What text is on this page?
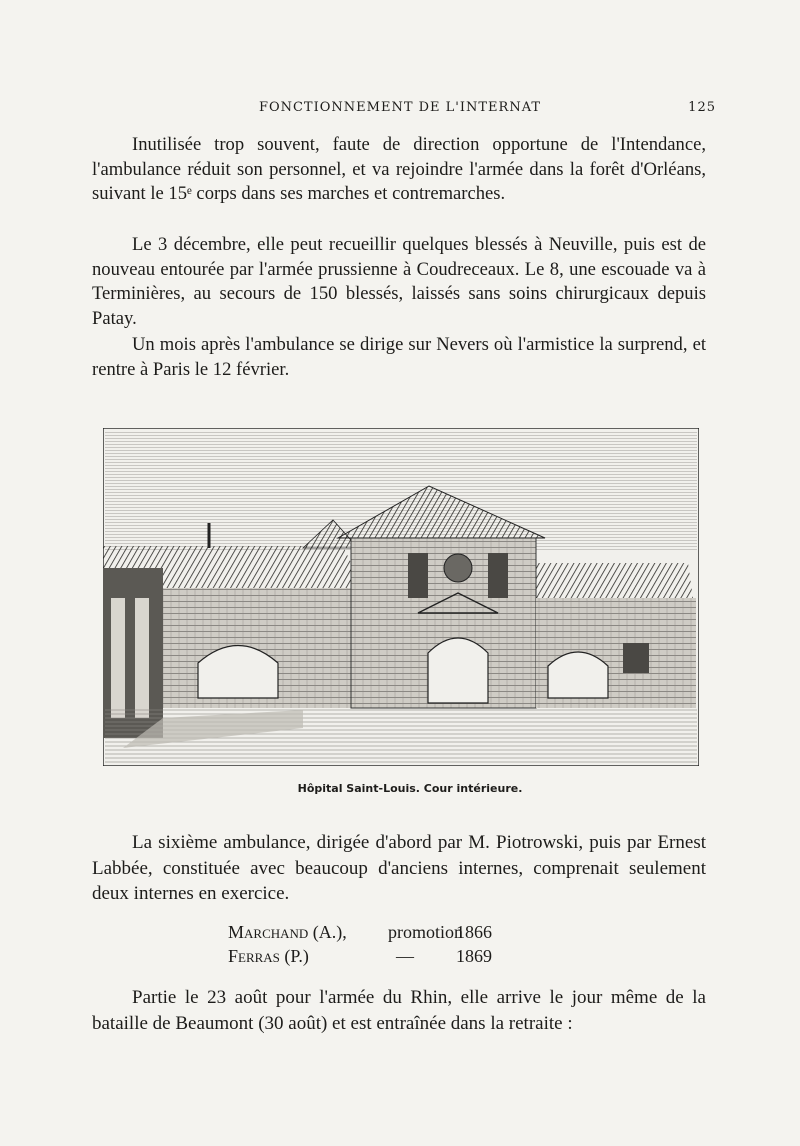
FONCTIONNEMENT DE L'INTERNAT	125

Inutilisée trop souvent, faute de direction opportune de l'Intendance, l'ambulance réduit son personnel, et va rejoindre l'armée dans la forêt d'Orléans, suivant le 15ᵉ corps dans ses marches et contremarches.

Le 3 décembre, elle peut recueillir quelques blessés à Neuville, puis est de nouveau entourée par l'armée prussienne à Coudreceaux. Le 8, une escouade va à Terminières, au secours de 150 blessés, laissés sans soins chirurgicaux depuis Patay.

Un mois après l'ambulance se dirige sur Nevers où l'armistice la surprend, et rentre à Paris le 12 février.

Hôpital Saint-Louis. Cour intérieure.

La sixième ambulance, dirigée d'abord par M. Piotrowski, puis par Ernest Labbée, constituée avec beaucoup d'anciens internes, comprenait seulement deux internes en exercice.

Marchand (A.), promotion
1866
Ferras (P.)	— 1869

Partie le 23 août pour l'armée du Rhin, elle arrive le jour même de la bataille de Beaumont (30 août) et est entraînée dans la retraite :
